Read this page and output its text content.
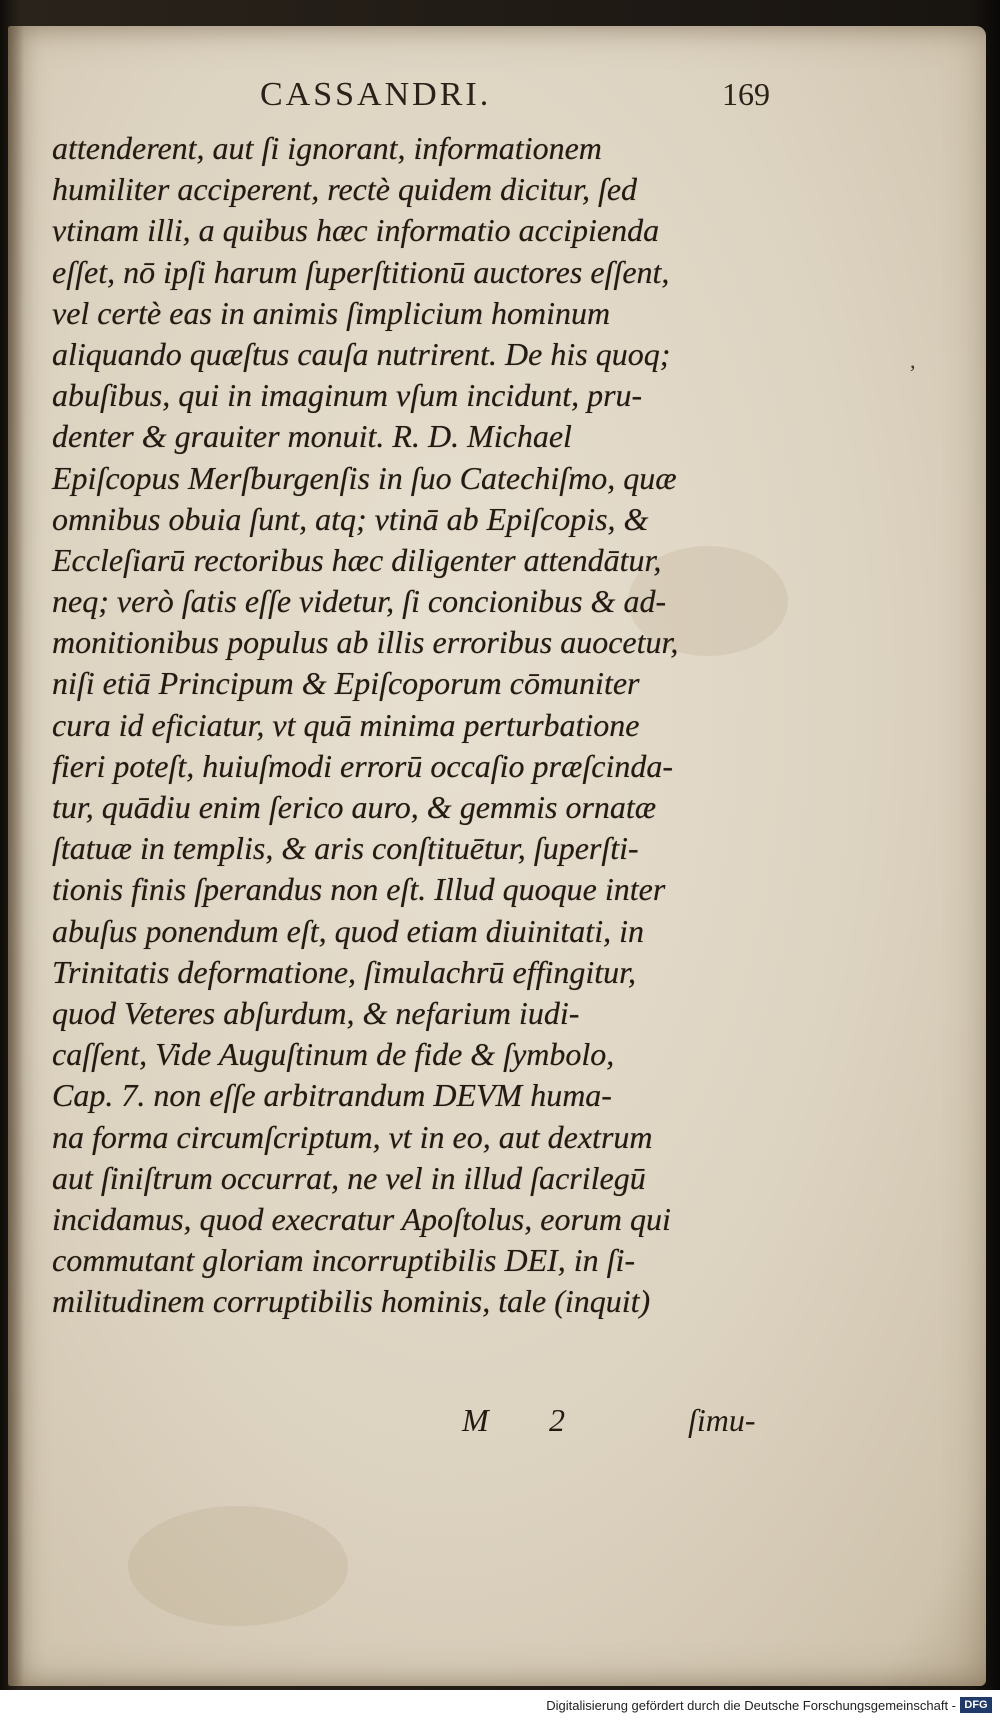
CASSANDRI.	169
attenderent, aut ſi ignorant, informationem
humiliter acciperent, rectè quidem dicitur, ſed
vtinam illi, a quibus hæc informatio accipienda
eſſet, nō ipſi harum ſuperſtitionū auctores eſſent,
vel certè eas in animis ſimplicium hominum
aliquando quæſtus cauſa nutrirent. De his quoq;
abuſibus, qui in imaginum vſum incidunt, pru-
denter & grauiter monuit. R. D. Michael
Epiſcopus Merſburgenſis in ſuo Catechiſmo, quæ
omnibus obuia ſunt, atq; vtinā ab Epiſcopis, &
Eccleſiarū rectoribus hæc diligenter attendātur,
neq; verò ſatis eſſe videtur, ſi concionibus & ad-
monitionibus populus ab illis erroribus auocetur,
niſi etiā Principum & Epiſcoporum cōmuniter
cura id eficiatur, vt quā minima perturbatione
fieri poteſt, huiuſmodi errorū occaſio præſcinda-
tur, quādiu enim ſerico auro, & gemmis ornatæ
ſtatuæ in templis, & aris conſtituētur, ſuperſti-
tionis finis ſperandus non eſt. Illud quoque inter
abuſus ponendum eſt, quod etiam diuinitati, in
Trinitatis deformatione, ſimulachrū effingitur,
quod Veteres abſurdum, & nefarium iudi-
caſſent, Vide Auguſtinum de fide & ſymbolo,
Cap. 7. non eſſe arbitrandum DEVM huma-
na forma circumſcriptum, vt in eo, aut dextrum
aut ſiniſtrum occurrat, ne vel in illud ſacrilegū
incidamus, quod execratur Apoſtolus, eorum qui
commutant gloriam incorruptibilis DEI, in ſi-
militudinem corruptibilis hominis, tale (inquit)
M 2	ſimu-
,
Digitalisierung gefördert durch die Deutsche Forschungsgemeinschaft - DFG
